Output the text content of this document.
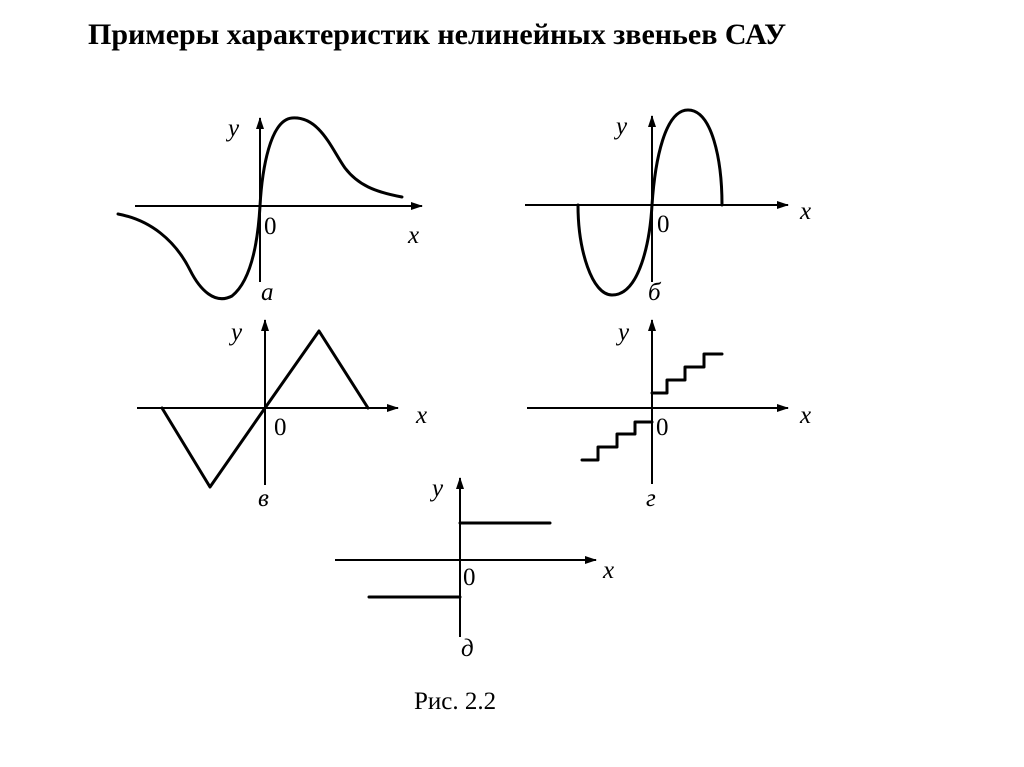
Примеры характеристик нелинейных звеньев САУ
y
x
0
а
y
x
0
б
y
x
0
в
y
x
0
г
y
x
0
д
Рис. 2.2
